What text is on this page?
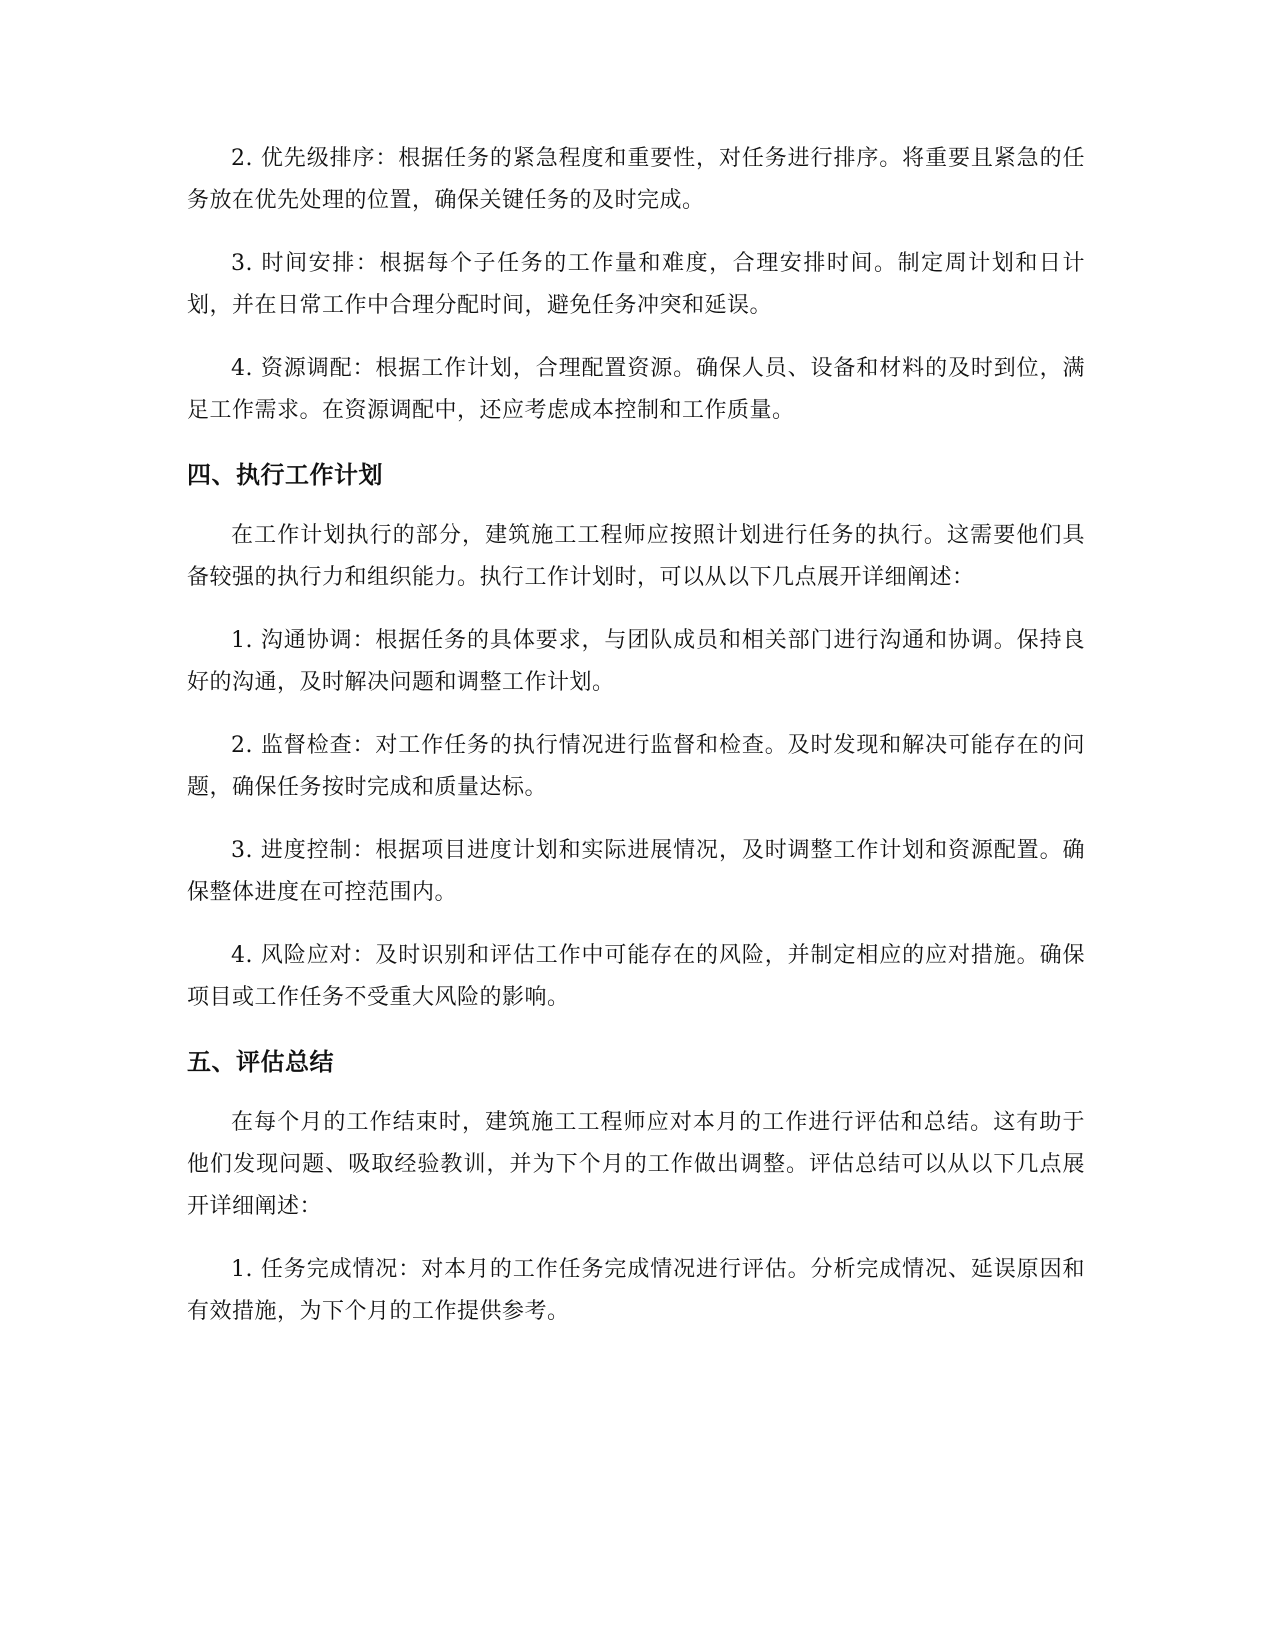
2. 优先级排序：根据任务的紧急程度和重要性，对任务进行排序。将重要且紧急的任务放在优先处理的位置，确保关键任务的及时完成。

3. 时间安排：根据每个子任务的工作量和难度，合理安排时间。制定周计划和日计划，并在日常工作中合理分配时间，避免任务冲突和延误。

4. 资源调配：根据工作计划，合理配置资源。确保人员、设备和材料的及时到位，满足工作需求。在资源调配中，还应考虑成本控制和工作质量。

四、执行工作计划

在工作计划执行的部分，建筑施工工程师应按照计划进行任务的执行。这需要他们具备较强的执行力和组织能力。执行工作计划时，可以从以下几点展开详细阐述：

1. 沟通协调：根据任务的具体要求，与团队成员和相关部门进行沟通和协调。保持良好的沟通，及时解决问题和调整工作计划。

2. 监督检查：对工作任务的执行情况进行监督和检查。及时发现和解决可能存在的问题，确保任务按时完成和质量达标。

3. 进度控制：根据项目进度计划和实际进展情况，及时调整工作计划和资源配置。确保整体进度在可控范围内。

4. 风险应对：及时识别和评估工作中可能存在的风险，并制定相应的应对措施。确保项目或工作任务不受重大风险的影响。

五、评估总结

在每个月的工作结束时，建筑施工工程师应对本月的工作进行评估和总结。这有助于他们发现问题、吸取经验教训，并为下个月的工作做出调整。评估总结可以从以下几点展开详细阐述：

1. 任务完成情况：对本月的工作任务完成情况进行评估。分析完成情况、延误原因和有效措施，为下个月的工作提供参考。
